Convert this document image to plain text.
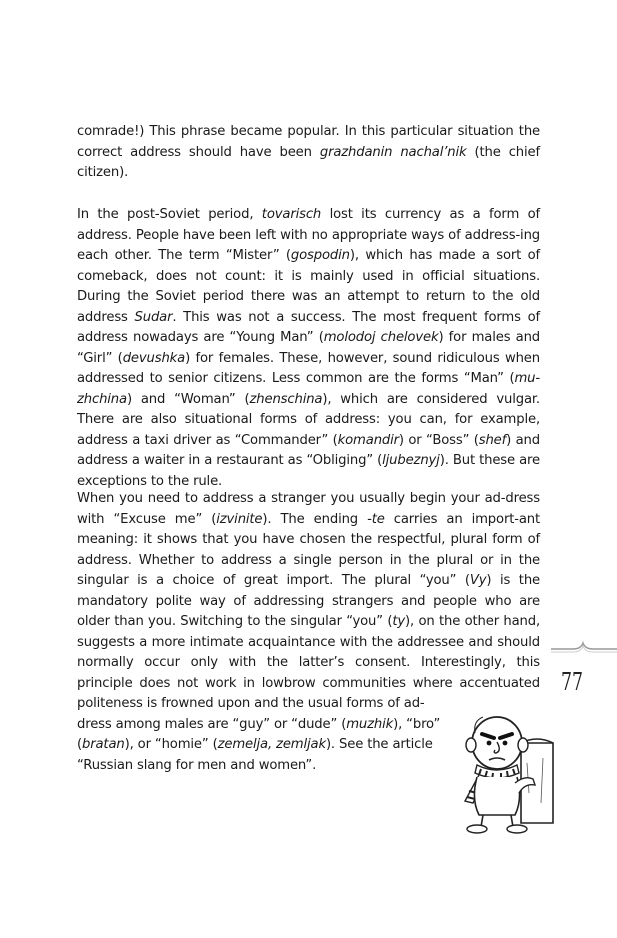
comrade!) This phrase became popular. In this particular situation the correct address should have been grazhdanin nachal’nik (the chief citizen).

In the post-Soviet period, tovarisch lost its currency as a form of address. People have been left with no appropriate ways of address-ing each other. The term “Mister” (gospodin), which has made a sort of comeback, does not count: it is mainly used in official situations. During the Soviet period there was an attempt to return to the old address Sudar. This was not a success. The most frequent forms of address nowadays are “Young Man” (molodoj chelovek) for males and “Girl” (devushka) for females. These, however, sound ridiculous when addressed to senior citizens. Less common are the forms “Man” (mu-zhchina) and “Woman” (zhenschina), which are considered vulgar. There are also situational forms of address: you can, for example, address a taxi driver as “Commander” (komandir) or “Boss” (shef) and address a waiter in a restaurant as “Obliging” (ljubeznyj). But these are exceptions to the rule.

When you need to address a stranger you usually begin your ad-dress with “Excuse me” (izvinite). The ending -te carries an import-ant meaning: it shows that you have chosen the respectful, plural form of address. Whether to address a single person in the plural or in the singular is a choice of great import. The plural “you” (Vy) is the mandatory polite way of addressing strangers and people who are older than you. Switching to the singular “you” (ty), on the other hand, suggests a more intimate acquaintance with the addressee and should normally occur only with the latter’s consent. Interestingly, this principle does not work in lowbrow communities where accentuated politeness is frowned upon and the usual forms of ad-

dress among males are “guy” or “dude” (muzhik), “bro” (bratan), or “homie” (zemelja, zemljak). See the article “Russian slang for men and women”.

77
